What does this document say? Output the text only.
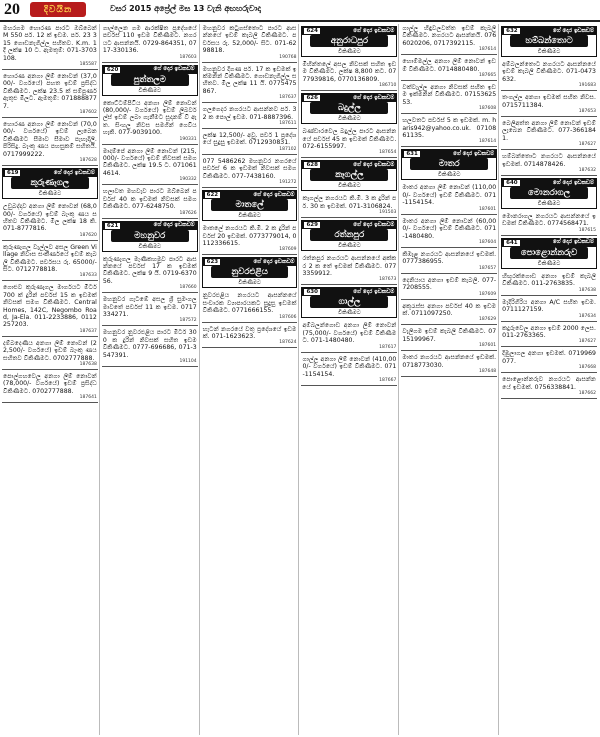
20	දිවයින	වසර 2015 අප්‍රේල් මස 13 වැනි අඟහරුවාදා
මහරගම හොරණ පාරට ඔබ්බෙන් M 550 පර්. 12 ක් ඉඩම. පර්. 23 315 ගොඩනැගිල්ල සහිතව. K.m. 1 දී ලක්ෂ 10 ට. ඇමතුම්: 071-3703108.
185587
හොරණ අනගා ලිම් නොවන් (37,000/- වර්ගයේ) පහත ඉඩම් ප්‍රසිද්ධ විකිණීමට. ලක්ෂ 23.5 ක් සම්පූර්ණ ඇතුළු මිලට. ඇමතුම්: 0718888777.
187602
හොරණ අනගා ලිම් නොවන් (70,000/- වර්ගයේ) ඉඩම් ලැබෙන විකිණීමට සීමාව සීමාව පැහැදිලි. පිරිසිදු. බැංකු ණය පහසුකම් සහිතයි. 0717999222.
187628
619	ගේ දොර ඉඩකඩම්
කුරුණෑගල
විකිණීමට
උඩුබද්දාව අනගා ලිම් නොවන් (68,000/- වර්ගයේ) ඉඩම් බැංකු ණය සහිතව විකිණීමට. මිල ලක්ෂ 18 කි. 071-8777816.
187620
කුරුණෑගල වැල්ලව අසල Green Village නිවාස සංකීර්ණයේ ඉඩම් කැබලි විකිණීමට. පර්චසය රු. 65000/- සිට. 0712778818.
187633
ගොළුව කුරුණෑගල මාර්ගයට මීටර් 700 ක් දුරින් පර්චස් 15 ක ඉඩමක් නිවසක් සමග විකිණීමට. Central Homes, 142C, Negombo Road, Ja-Ela. 011-2233886, 0112257203.
187637
දම්බදෙණිය අනගා ලිම් නොවන් (22,500/- වර්ගයේ) ඉඩම් බැංකු ණය සහිතව විකිණීමට. 0702777888.
187638
පොල්ගහවෙල අනගා ලිම් නොවන් (78,000/- වර්ගයේ) ඉඩම් ප්‍රසිද්ධ විකිණීමට. 0702777888.
187641
ගාල්ලෙන ගම ආරක්ෂිත ප්‍රදේශයේ පර්චස් 110 ඉඩම විකිණීමට. නගරයට ආසන්නයි. 0729-864351, 0717-330136.
187603
620	ගේ දොර ඉඩකඩම්
පුත්තලම
විකිණීමට
කොට්ටම්පිටිය අනගා ලිම් නොවන් (80,000/- වර්ගයේ) ඉඩම් ලිබර්වල්ස් ඉඩම් ලබා ගැනීමට සූදානම් වී ඇත. සිංහල නිවස සමගින් ගෙවිය හැකි. 077-9039100.
190331
මාදම්පේ අනගා ලිම් නොවන් (215,000/- වර්ගයේ) ඉඩම් නිවසක් සමග විකිණීමට. ලක්ෂ 19.5 ට. 0710614614.
190332
හලාවත මහවැව පාරට ඔබ්බෙන් පර්චස් 40 ක ඉඩමක් නිවසක් සමග විකිණීමට. 077-6248750.
187626
621	ගේ දොර ඉඩකඩම්
මහනුවර
විකිණීමට
කුරුණෑගල මැණිකහමුව පාරට ආසන්නයේ පර්චස් 17 ක ඉඩමක් විකිණීමට. ලක්ෂ 9 යි. 0719-637056.
187660
මහනුවර ගැටඹේ අසල ශ්‍රී සුමංගල මාවතේ පර්චස් 11 ක ඉඩම. 0717334271.
187572
මහනුවර නුවරඑළිය පාරට මීටර් 300 ක දුරින් නිවසක් සහිත ඉඩම විකිණීමට. 0777-696686, 071-3547391.
191104
මහනුවර කටුගස්තොට පාරට ආසන්නයේ ඉඩම් කැබලි විකිණීමට. පර්චසය රු. 52,000/- සිට. 071-6298818.
190768
මහනුවර දිගණ පර්. 17 ක ඉඩමක් ඉක්මනින් විකිණීමට. ගොඩනැගිල්ල සහිතව. මිල ලක්ෂ 11 යි. 0775475867.
187637
ගලගෙදර නගරයට ආසන්නව පර්. 32 ක පොල් ඉඩම. 071-8887396.
187611
ලක්ෂ 12,500/- අවු. පර්ච 1 ප්‍රදේශයේ සුදුසු ඉඩමක්. 0712930831.
187102
077 5486262 මහනුවර නගරයේ පර්චස් 6 ක ඉඩමක් නිවසක් සමග විකිණීමට. 077-7438160.
191272
622	ගේ දොර ඉඩකඩම්
මාතලේ
විකිණීමට
මාතලේ නගරයට කි.මී. 2 ක දුරින් පර්චස් 20 ඉඩමක්. 0773779014, 0112336615.
187609
623	ගේ දොර ඉඩකඩම්
නුවරඑළිය
විකිණීමට
නුවරඑළිය නගරයට ආසන්නයේ සංචාරක ව්‍යාපාරයකට සුදුසු ඉඩමක් විකිණීමට. 0771666155.
187606
හැටන් නගරයේ වතු ප්‍රදේශයේ ඉඩමක්. 071-1623623.
187624
624	ගේ දොර ඉඩකඩම්
අනුරාධපුර
විකිණීමට
මිහින්තලේ අසල නිවසක් සහිත ඉඩම විකිණීමට. ලක්ෂ 8,800 කට. 0777939816, 0770136809.
186710
626	ගේ දොර ඉඩකඩම්
බදුල්ල
විකිණීමට
බණ්ඩාරවෙල බදුල්ල පාරට ආසන්නයේ පර්චස් 45 ක ඉඩමක් විකිණීමට. 072-6155997.
187654
628	ගේ දොර ඉඩකඩම්
කෑගල්ල
විකිණීමට
කෑගල්ල නගරයට කි.මී. 3 ක දුරින් පර්. 30 ක ඉඩමක්. 071-3106824.
191503
629	ගේ දොර ඉඩකඩම්
රත්නපුර
විකිණීමට
රත්නපුර නගරයට ආසන්නයේ අක්කර 2 ක තේ ඉඩමක් විකිණීමට. 0773359912.
187673
630	ගේ දොර ඉඩකඩම්
ගාල්ල
විකිණීමට
අම්බලන්ගොඩ අනගා ලිම් නොවන් (75,000/- වර්ගයේ) ඉඩම් විකිණීමට. 071-1480480.
187617
ගාල්ල අනගා ලිම් නොවන් (410,000/- වර්ගයේ) ඉඩම් විකිණීමට. 071-1154154.
187667
ගාල්ල හිඳුවලවත්ත ඉඩම් කැබලි විකිණීමට. නගරයට ආසන්නයි. 0766020206, 0717392115.
187614
හොම්මල්ල අනගා ලිම් නොවන් ඉඩම් විකිණීමට. 0714880480.
187665
වක්වැල්ල අනගා නිවසක් සහිත ඉඩම ඉක්මනින් විකිණීමට. 0715362553.
187608
හලවතට පර්චස් 5 ක ඉඩමක්. m. haris942@yahoo.co.uk. 0710861135.
187614
631	ගේ දොර ඉඩකඩම්
මාතර
විකිණීමට
මාතර අනගා ලිම් නොවන් (110,000/- වර්ගයේ) ඉඩම් විකිණීමට. 071-1154154.
187601
මාතර අනගා ලිම් නොවන් (60,000/- වර්ගයේ) ඉඩම් විකිණීමට. 071-1480480.
187604
කිඹෑළ නගරයට ආසන්නයේ ඉඩමක්. 0777386955.
187657
දෙනියාය අනගා ඉඩම් කැබලි. 077-7208555.
187609
අකුරැස්ස අනගා පර්චස් 40 ක ඉඩමක්. 0711097250.
187629
වැලිගම ඉඩම් කැබලි විකිණීමට. 0715199967.
187601
මාතර නගරයට ආසන්නයේ ඉඩමක්. 0718773030.
187648
632	ගේ දොර ඉඩකඩම්
හම්බන්තොට
විකිණීමට
අම්බලන්තොට නගරයට ආසන්නයේ ඉඩම් කැබලි විකිණීමට. 071-0473632.
191683
තංගල්ල අනගා ඉඩමක් සහිත නිවස. 0715711384.
187653
බෙලිඅත්ත අනගා ලිම් නොවන් ඉඩම් ලැබෙන විකිණීමට. 077-3661841.
187627
හම්බන්තොට නගරයට ආසන්නයේ ඉඩමක්. 0714878426.
187632
640	ගේ දොර ඉඩකඩම්
මොනරාගල
විකිණීමට
මොනරාගල නගරයට ආසන්නයේ ඉඩමක් විකිණීමට. 0774568471.
187615
641	ගේ දොර ඉඩකඩම්
පොළොන්නරුව
විකිණීමට
හිඟුරක්ගොඩ අනගා ඉඩම් කැබලි විකිණීමට. 011-2763835.
187638
මැදිරිගිරිය අනගා A/C සහිත ඉඩම. 0711127159.
187634
කදුරුවෙල අනගා ඉඩම් 2000 ලෙස. 011-2763365.
187627
දිඹුලාගල අනගා ඉඩමක්. 0719969077.
187668
පොළොන්නරුව නගරයට ආසන්නයේ ඉඩමක්. 0756338841.
187662
